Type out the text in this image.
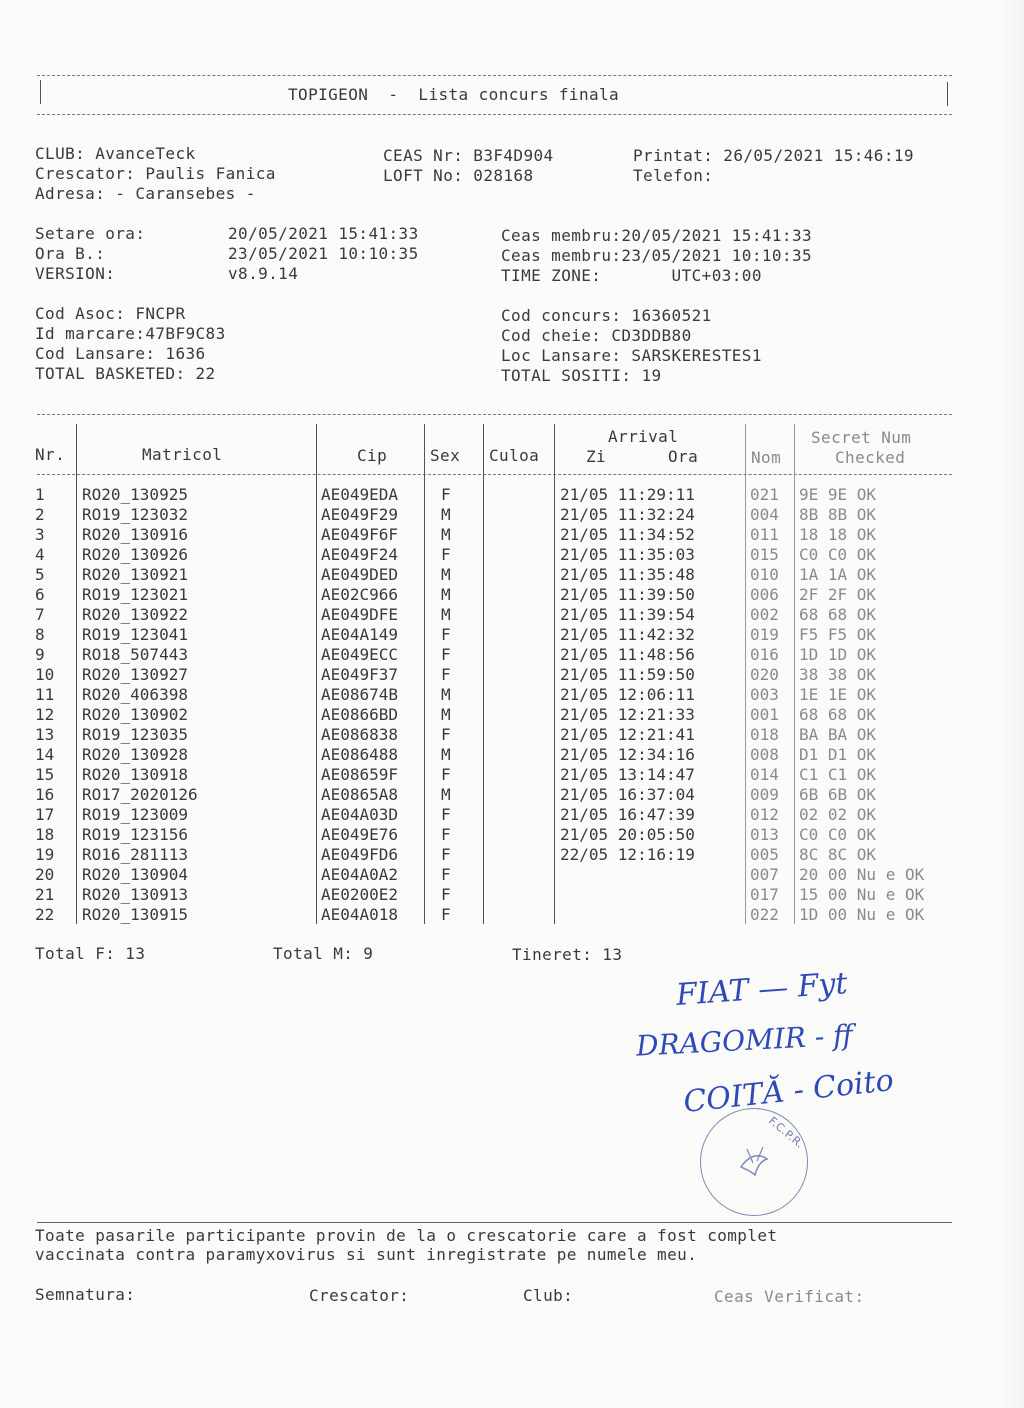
TOPIGEON  -  Lista concurs finala
CLUB: AvanceTeck
Crescator: Paulis Fanica
Adresa: - Caransebes -
CEAS Nr: B3F4D904
LOFT No: 028168
Printat: 26/05/2021 15:46:19
Telefon:
Setare ora:	20/05/2021 15:41:33
Ora B.:	23/05/2021 10:10:35
VERSION:	v8.9.14
Ceas membru:20/05/2021 15:41:33
Ceas membru:23/05/2021 10:10:35
TIME ZONE:       UTC+03:00
Cod Asoc: FNCPR
Id marcare:47BF9C83
Cod Lansare: 1636
TOTAL BASKETED: 22
Cod concurs: 16360521
Cod cheie: CD3DDB80
Loc Lansare: SARSKERESTES1
TOTAL SOSITI: 19
Nr.	Matricol	Cip	Sex Culoa
Arrival
Zi	Ora	Nom
Secret Num
Checked
1 RO20_130925	AE049EDA	F	21/05 11:29:11	021 9E 9E OK
2 RO19_123032	AE049F29	M	21/05 11:32:24	004 8B 8B OK
3 RO20_130916	AE049F6F	M	21/05 11:34:52	011 18 18 OK
4 RO20_130926	AE049F24	F	21/05 11:35:03	015 C0 C0 OK
5 RO20_130921	AE049DED	M	21/05 11:35:48	010 1A 1A OK
6 RO19_123021	AE02C966	M	21/05 11:39:50	006 2F 2F OK
7 RO20_130922	AE049DFE	M	21/05 11:39:54	002 68 68 OK
8 RO19_123041	AE04A149	F	21/05 11:42:32	019 F5 F5 OK
9 RO18_507443	AE049ECC	F	21/05 11:48:56	016 1D 1D OK
10 RO20_130927	AE049F37	F	21/05 11:59:50	020 38 38 OK
11 RO20_406398	AE08674B	M	21/05 12:06:11	003 1E 1E OK
12 RO20_130902	AE0866BD	M	21/05 12:21:33	001 68 68 OK
13 RO19_123035	AE086838	F	21/05 12:21:41	018 BA BA OK
14 RO20_130928	AE086488	M	21/05 12:34:16	008 D1 D1 OK
15 RO20_130918	AE08659F	F	21/05 13:14:47	014 C1 C1 OK
16 RO17_2020126	AE0865A8	M	21/05 16:37:04	009 6B 6B OK
17 RO19_123009	AE04A03D	F	21/05 16:47:39	012 02 02 OK
18 RO19_123156	AE049E76	F	21/05 20:05:50	013 C0 C0 OK
19 RO16_281113	AE049FD6	F	22/05 12:16:19	005 8C 8C OK
20 RO20_130904	AE04A0A2	F	007 20 00 Nu e OK
21 RO20_130913	AE0200E2	F	017 15 00 Nu e OK
22 RO20_130915	AE04A018	F	022 1D 00 Nu e OK
Total F: 13	Total M: 9	Tineret: 13
FIAT — Fyt
DRAGOMIR - ff
COITĂ - Coito
F.C.P.R.
Toate pasarile participante provin de la o crescatorie care a fost complet
vaccinata contra paramyxovirus si sunt inregistrate pe numele meu.
Semnatura:	Crescator:	Club:	Ceas Verificat:
